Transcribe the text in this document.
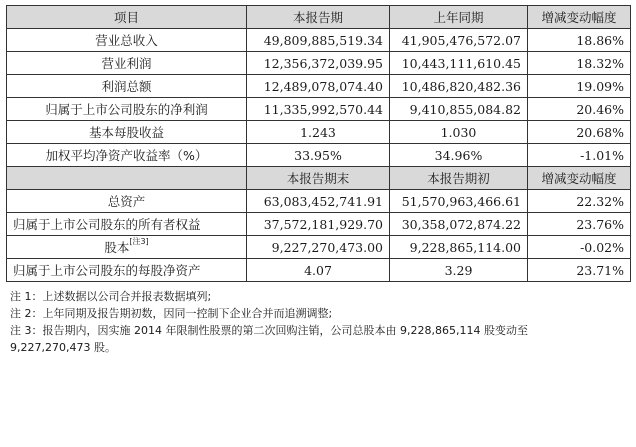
项目	本报告期	上年同期	增减变动幅度
营业总收入	49,809,885,519.34	41,905,476,572.07	18.86%
营业利润	12,356,372,039.95	10,443,111,610.45	18.32%
利润总额	12,489,078,074.40	10,486,820,482.36	19.09%
归属于上市公司股东的净利润	11,335,992,570.44	9,410,855,084.82	20.46%
基本每股收益	1.243	1.030	20.68%
加权平均净资产收益率（%）	33.95%	34.96%	-1.01%
	本报告期末	本报告期初	增减变动幅度
总资产	63,083,452,741.91	51,570,963,466.61	22.32%
归属于上市公司股东的所有者权益	37,572,181,929.70	30,358,072,874.22	23.76%
股本[注3]	9,227,270,473.00	9,228,865,114.00	-0.02%
归属于上市公司股东的每股净资产	4.07	3.29	23.71%
注 1：上述数据以公司合并报表数据填列;
注 2：上年同期及报告期初数，因同一控制下企业合并而追溯调整;
注 3：报告期内，因实施 2014 年限制性股票的第二次回购注销，公司总股本由 9,228,865,114 股变动至
9,227,270,473 股。
